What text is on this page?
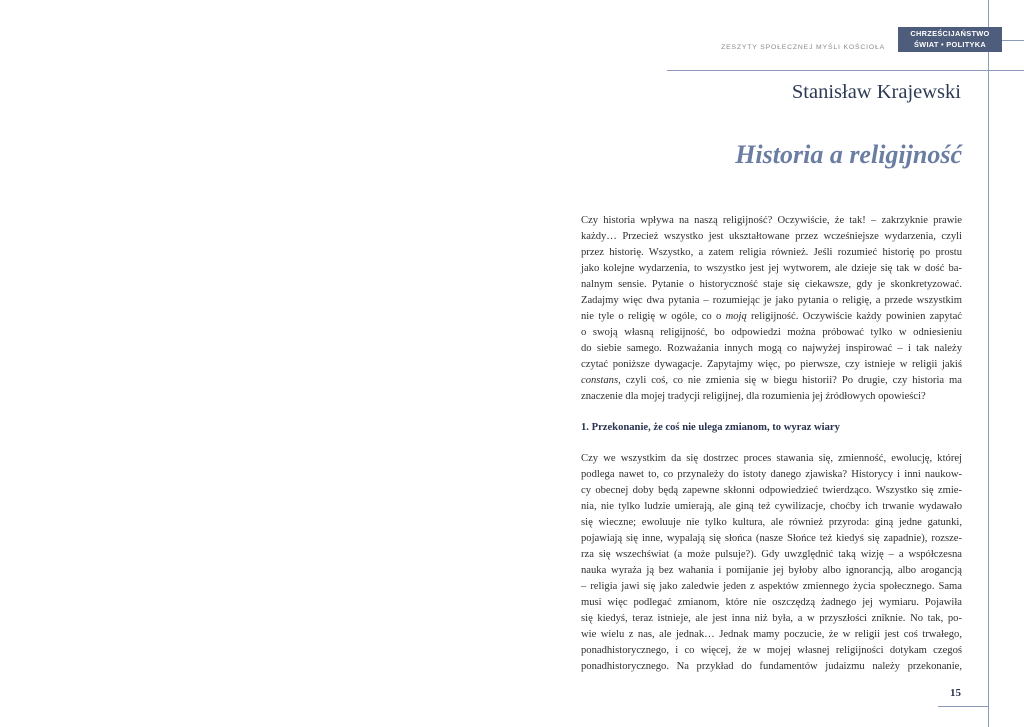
ZESZYTY SPOŁECZNEJ MYŚLI KOŚCIOŁA
CHRZEŚCIJAŃSTWO
ŚWIAT • POLITYKA
Stanisław Krajewski
Historia a religijność
Czy historia wpływa na naszą religijność? Oczywiście, że tak! – zakrzyknie prawie
każdy… Przecież wszystko jest ukształtowane przez wcześniejsze wydarzenia, czyli
przez historię. Wszystko, a zatem religia również. Jeśli rozumieć historię po prostu
jako kolejne wydarzenia, to wszystko jest jej wytworem, ale dzieje się tak w dość ba-
nalnym sensie. Pytanie o historyczność staje się ciekawsze, gdy je skonkretyzować.
Zadajmy więc dwa pytania – rozumiejąc je jako pytania o religię, a przede wszystkim
nie tyle o religię w ogóle, co o moją religijność. Oczywiście każdy powinien zapytać
o swoją własną religijność, bo odpowiedzi można próbować tylko w odniesieniu
do siebie samego. Rozważania innych mogą co najwyżej inspirować – i tak należy
czytać poniższe dywagacje. Zapytajmy więc, po pierwsze, czy istnieje w religii jakiś
constans, czyli coś, co nie zmienia się w biegu historii? Po drugie, czy historia ma
znaczenie dla mojej tradycji religijnej, dla rozumienia jej źródłowych opowieści?
1. Przekonanie, że coś nie ulega zmianom, to wyraz wiary
Czy we wszystkim da się dostrzec proces stawania się, zmienność, ewolucję, której
podlega nawet to, co przynależy do istoty danego zjawiska? Historycy i inni naukow-
cy obecnej doby będą zapewne skłonni odpowiedzieć twierdząco. Wszystko się zmie-
nia, nie tylko ludzie umierają, ale giną też cywilizacje, choćby ich trwanie wydawało
się wieczne; ewoluuje nie tylko kultura, ale również przyroda: giną jedne gatunki,
pojawiają się inne, wypalają się słońca (nasze Słońce też kiedyś się zapadnie), rozsze-
rza się wszechświat (a może pulsuje?). Gdy uwzględnić taką wizję – a współczesna
nauka wyraża ją bez wahania i pomijanie jej byłoby albo ignorancją, albo arogancją
– religia jawi się jako zaledwie jeden z aspektów zmiennego życia społecznego. Sama
musi więc podlegać zmianom, które nie oszczędzą żadnego jej wymiaru. Pojawiła
się kiedyś, teraz istnieje, ale jest inna niż była, a w przyszłości zniknie. No tak, po-
wie wielu z nas, ale jednak… Jednak mamy poczucie, że w religii jest coś trwałego,
ponadhistorycznego, i co więcej, że w mojej własnej religijności dotykam czegoś
ponadhistorycznego. Na przykład do fundamentów judaizmu należy przekonanie,
15
